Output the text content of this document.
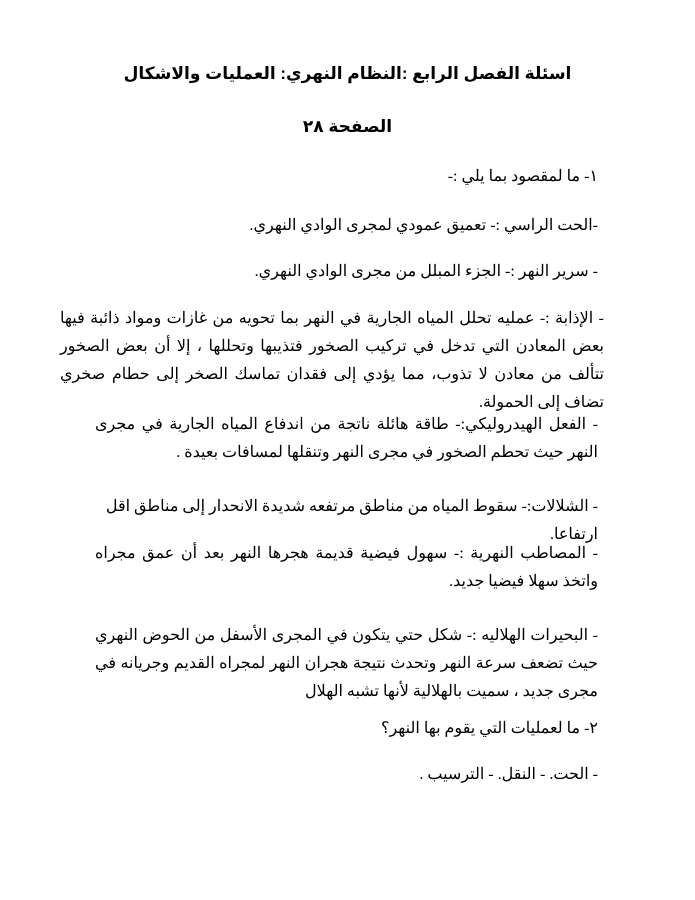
اسئلة الفصل الرابع :النظام النهري: العمليات والاشكال
الصفحة ٢٨

١- ما لمقصود بما يلي :-

-الحت الراسي :- تعميق عمودي لمجرى الوادي النهري.

- سرير النهر :- الجزء المبلل من مجرى الوادي النهري.

- الإذابة :- عمليه تحلل المياه الجارية في النهر بما تحويه من غازات ومواد ذائبة فيها بعض المعادن التي تدخل في تركيب الصخور فتذيبها وتحللها ، إلا أن بعض الصخور تتألف من معادن لا تذوب، مما يؤدي إلى فقدان تماسك الصخر إلى حطام صخري تضاف إلى الحمولة.

- الفعل الهيدروليكي:- طاقة هائلة ناتجة من اندفاع المياه الجارية في مجرى النهر حيث تحطم الصخور في مجرى النهر وتنقلها لمسافات بعيدة .

- الشلالات:- سقوط المياه من مناطق مرتفعه شديدة الانحدار إلى مناطق اقل ارتفاعا.

- المصاطب النهرية :- سهول فيضية قديمة هجرها النهر بعد أن عمق مجراه واتخذ سهلا فيضيا جديد.

- البحيرات الهلاليه :- شكل حتي يتكون في المجرى الأسفل من الحوض النهري حيث تضعف سرعة النهر وتحدث نتيجة هجران النهر لمجراه القديم وجريانه في مجرى جديد ، سميت بالهلالية لأنها تشبه الهلال

٢- ما لعمليات التي يقوم بها النهر؟

- الحت. - النقل. - الترسيب .
